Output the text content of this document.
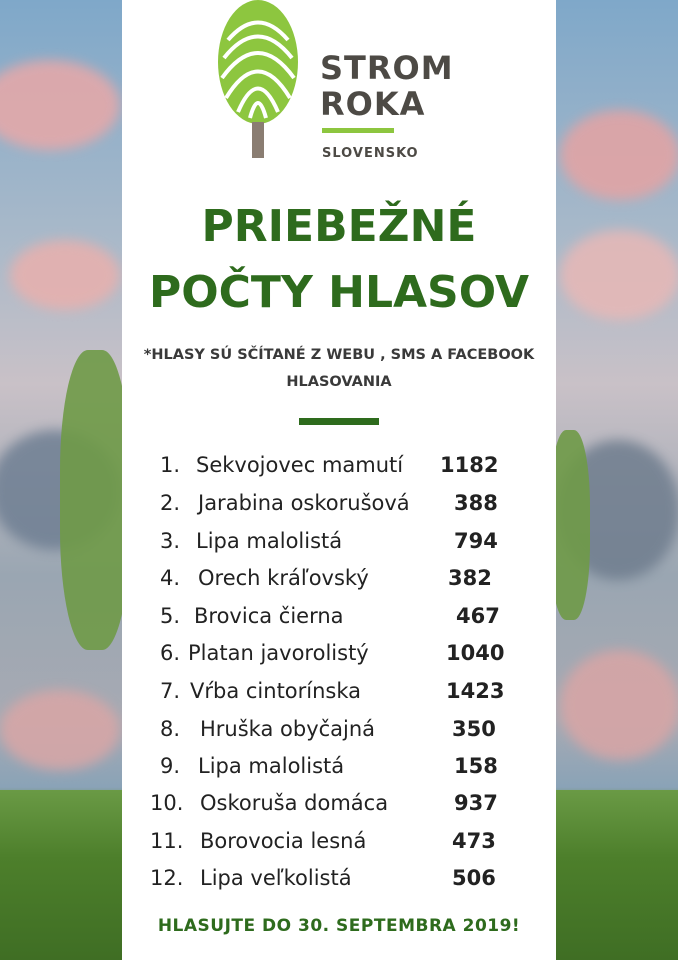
STROM
ROKA
SLOVENSKO
PRIEBEŽNÉ
POČTY HLASOV
*HLASY SÚ SČÍTANÉ Z WEBU , SMS A FACEBOOK
HLASOVANIA
1. Sekvojovec mamutí 1182
2. Jarabina oskorušová 388
3. Lipa malolistá	794
4. Orech kráľovský	382
5. Brovica čierna	467
6. Platan javorolistý	1040
7. Vŕba cintorínska	1423
8. Hruška obyčajná	350
9. Lipa malolistá	158
10. Oskoruša domáca	937
11. Borovocia lesná	473
12. Lipa veľkolistá	506
HLASUJTE DO 30. SEPTEMBRA 2019!
